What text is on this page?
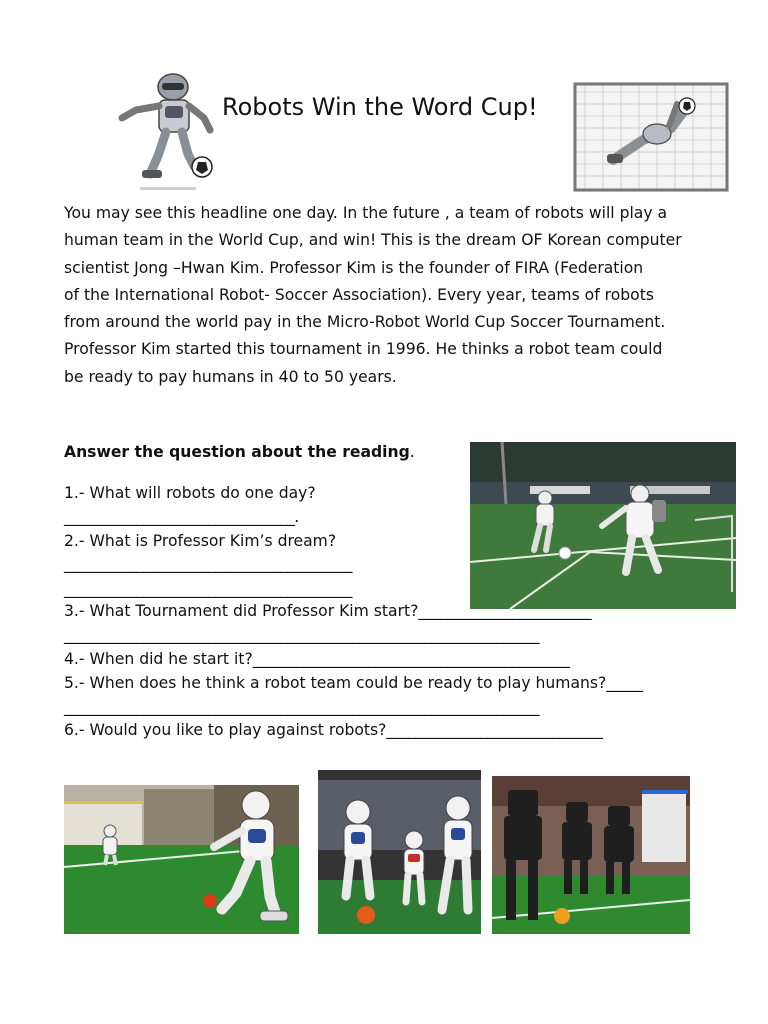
Robots Win the Word Cup!
You may see this headline one day. In the future , a team of robots will play a
human team in the World Cup, and win! This is the dream OF Korean computer
scientist Jong –Hwan Kim. Professor Kim is the founder of FIRA (Federation
of the International Robot- Soccer Association). Every year, teams of robots
from around the world pay in the Micro-Robot World Cup Soccer Tournament.
Professor Kim started this tournament in 1996. He thinks a robot team could
be ready to pay humans in 40 to 50 years.
Answer the question about the reading.
1.- What will robots do one day?
________________________________.
2.- What is Professor Kim’s dream?
________________________________________
________________________________________
3.- What Tournament did Professor Kim start?________________________
__________________________________________________________________
4.- When did he start it?____________________________________________
5.- When does he think a robot team could be ready to play humans?_____
__________________________________________________________________
6.- Would you like to play against robots?______________________________
